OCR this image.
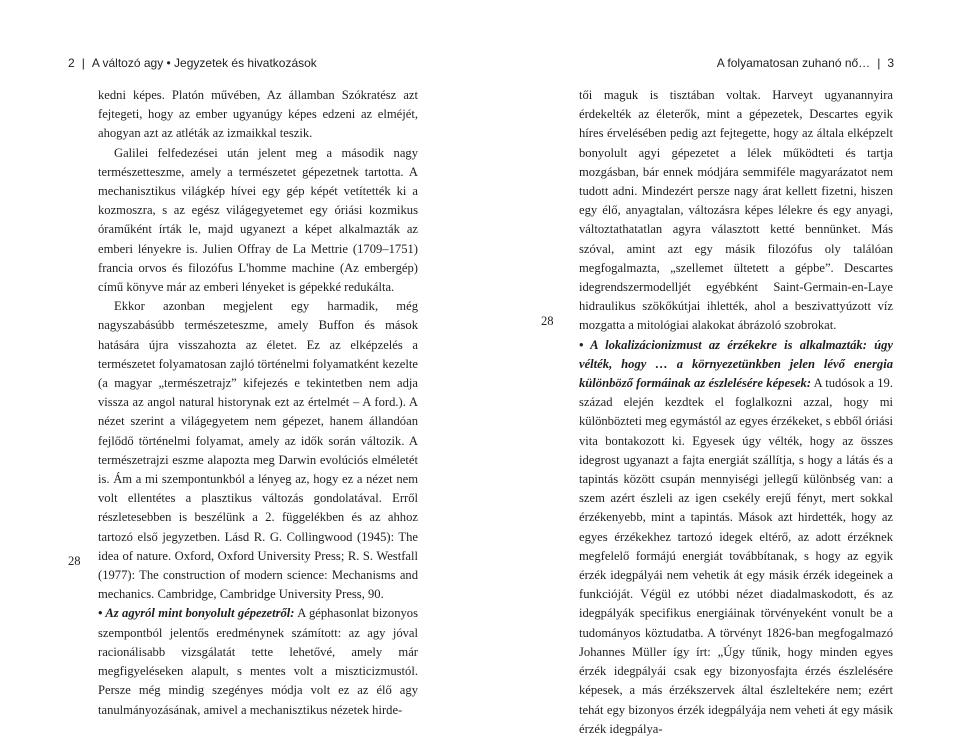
2 | A változó agy • Jegyzetek és hivatkozások	A folyamatosan zuhanó nő… | 3
28
28

kedni képes. Platón művében, Az államban Szókratész azt fejtegeti, hogy az ember ugyanúgy képes edzeni az elméjét, ahogyan azt az atléták az izmaikkal teszik.

Galilei felfedezései után jelent meg a második nagy természetteszme, amely a természetet gépezetnek tartotta. A mechanisztikus világkép hívei egy gép képét vetítették ki a kozmoszra, s az egész világegyetemet egy óriási kozmikus óraműként írták le, majd ugyanezt a képet alkalmazták az emberi lényekre is. Julien Offray de La Mettrie (1709–1751) francia orvos és filozófus L'homme machine (Az embergép) című könyve már az emberi lényeket is gépekké redukálta.

Ekkor azonban megjelent egy harmadik, még nagyszabásúbb természeteszme, amely Buffon és mások hatására újra visszahozta az életet. Ez az elképzelés a természetet folyamatosan zajló történelmi folyamatként kezelte (a magyar „természetrajz” kifejezés e tekintetben nem adja vissza az angol natural historynak ezt az értelmét – A ford.). A nézet szerint a világegyetem nem gépezet, hanem állandóan fejlődő történelmi folyamat, amely az idők során változik. A természetrajzi eszme alapozta meg Darwin evolúciós elméletét is. Ám a mi szempontunkból a lényeg az, hogy ez a nézet nem volt ellentétes a plasztikus változás gondolatával. Erről részletesebben is beszélünk a 2. függelékben és az ahhoz tartozó első jegyzetben. Lásd R. G. Collingwood (1945): The idea of nature. Oxford, Oxford University Press; R. S. Westfall (1977): The construction of modern science: Mechanisms and mechanics. Cambridge, Cambridge University Press, 90.

• Az agyról mint bonyolult gépezetről: A géphasonlat bizonyos szempontból jelentős eredménynek számított: az agy jóval racionálisabb vizsgálatát tette lehetővé, amely már megfigyeléseken alapult, s mentes volt a miszticizmustól. Persze még mindig szegényes módja volt ez az élő agy tanulmányozásának, amivel a mechanisztikus nézetek hirde-

tői maguk is tisztában voltak. Harveyt ugyanannyira érdekelték az életerők, mint a gépezetek, Descartes egyik híres érvelésében pedig azt fejtegette, hogy az általa elképzelt bonyolult agyi gépezetet a lélek működteti és tartja mozgásban, bár ennek módjára semmiféle magyarázatot nem tudott adni. Mindezért persze nagy árat kellett fizetni, hiszen egy élő, anyagtalan, változásra képes lélekre és egy anyagi, változtathatatlan agyra választott ketté bennünket. Más szóval, amint azt egy másik filozófus oly találóan megfogalmazta, „szellemet ültetett a gépbe”. Descartes idegrendszermodelljét egyébként Saint-Germain-en-Laye hidraulikus szökőkútjai ihlették, ahol a beszivattyúzott víz mozgatta a mitológiai alakokat ábrázoló szobrokat.

• A lokalizácionizmust az érzékekre is alkalmazták: úgy vélték, hogy … a környezetünkben jelen lévő energia különböző formáinak az észlelésére képesek: A tudósok a 19. század elején kezdtek el foglalkozni azzal, hogy mi különbözteti meg egymástól az egyes érzékeket, s ebből óriási vita bontakozott ki. Egyesek úgy vélték, hogy az összes idegrost ugyanazt a fajta energiát szállítja, s hogy a látás és a tapintás között csupán mennyiségi jellegű különbség van: a szem azért észleli az igen csekély erejű fényt, mert sokkal érzékenyebb, mint a tapintás. Mások azt hirdették, hogy az egyes érzékekhez tartozó idegek eltérő, az adott érzéknek megfelelő formájú energiát továbbítanak, s hogy az egyik érzék idegpályái nem vehetik át egy másik érzék idegeinek a funkcióját. Végül ez utóbbi nézet diadalmaskodott, és az idegpályák specifikus energiáinak törvényeként vonult be a tudományos köztudatba. A törvényt 1826-ban megfogalmazó Johannes Müller így írt: „Úgy tűnik, hogy minden egyes érzék idegpályái csak egy bizonyosfajta érzés észlelésére képesek, a más érzékszervek által észleltekére nem; ezért tehát egy bizonyos érzék idegpályája nem veheti át egy másik érzék idegpálya-
